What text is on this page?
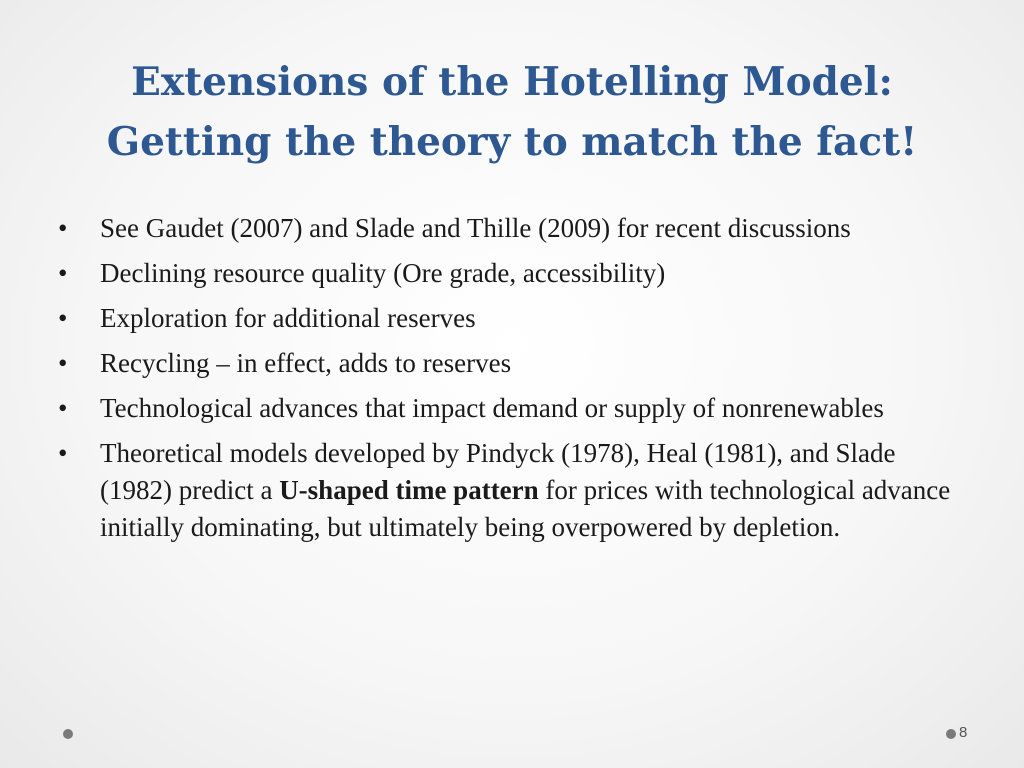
Extensions of the Hotelling Model:
Getting the theory to match the fact!
• See Gaudet (2007) and Slade and Thille (2009) for recent discussions
• Declining resource quality (Ore grade, accessibility)
• Exploration for additional reserves
• Recycling – in effect, adds to reserves
• Technological advances that impact demand or supply of nonrenewables
• Theoretical models developed by Pindyck (1978), Heal (1981), and Slade (1982) predict a U-shaped time pattern for prices with technological advance initially dominating, but ultimately being overpowered by depletion.
8
